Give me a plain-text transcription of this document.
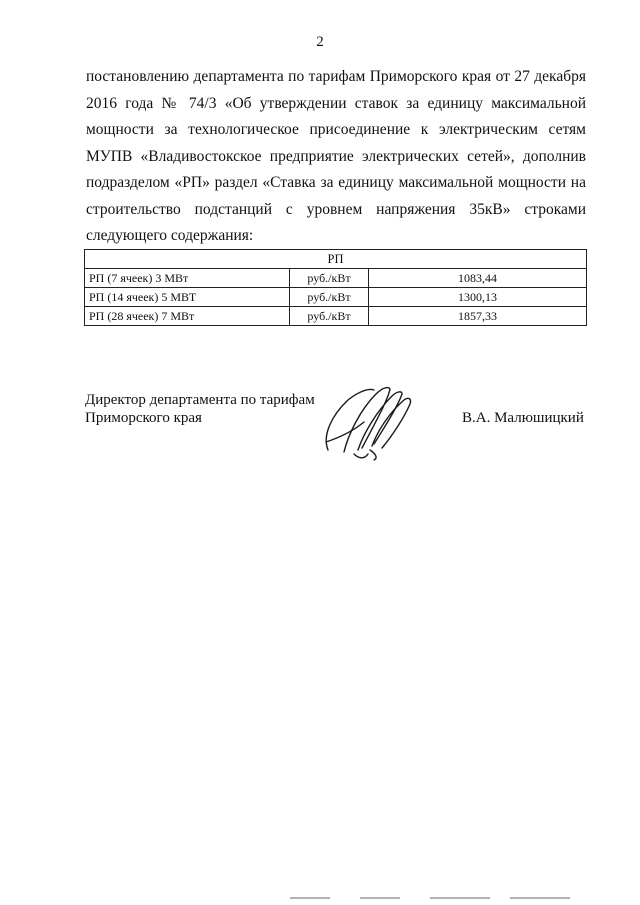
2
постановлению департамента по тарифам Приморского края от 27 декабря
2016 года № 74/3 «Об утверждении ставок за единицу максимальной
мощности за технологическое присоединение к электрическим сетям
МУПВ «Владивостокское предприятие электрических сетей», дополнив
подразделом «РП» раздел «Ставка за единицу максимальной мощности на
строительство подстанций с уровнем напряжения 35кВ» строками
следующего содержания:
РП		
РП (7 ячеек) 3 МВт	руб./кВт	1083,44
РП (14 ячеек) 5 МВТ	руб./кВт	1300,13
РП (28 ячеек) 7 МВт	руб./кВт	1857,33
Директор департамента по тарифам
Приморского края	В.А. Малюшицкий
